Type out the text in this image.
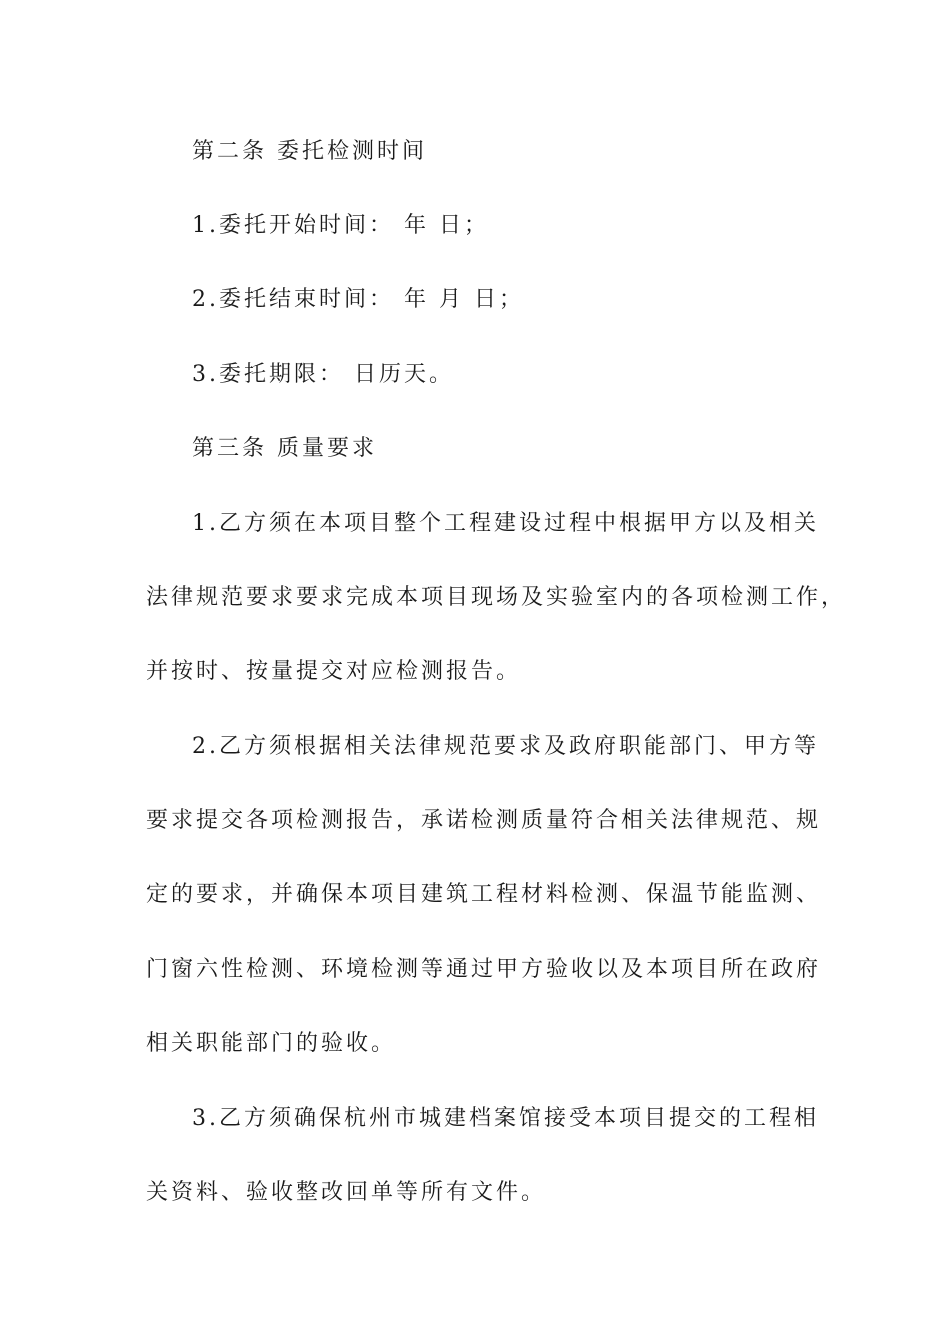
第二条 委托检测时间
1.委托开始时间： 年 日；
2.委托结束时间： 年 月 日；
3.委托期限： 日历天。
第三条 质量要求
1.乙方须在本项目整个工程建设过程中根据甲方以及相关
法律规范要求要求完成本项目现场及实验室内的各项检测工作，
并按时、按量提交对应检测报告。
2.乙方须根据相关法律规范要求及政府职能部门、甲方等
要求提交各项检测报告，承诺检测质量符合相关法律规范、规
定的要求，并确保本项目建筑工程材料检测、保温节能监测、
门窗六性检测、环境检测等通过甲方验收以及本项目所在政府
相关职能部门的验收。
3.乙方须确保杭州市城建档案馆接受本项目提交的工程相
关资料、验收整改回单等所有文件。
